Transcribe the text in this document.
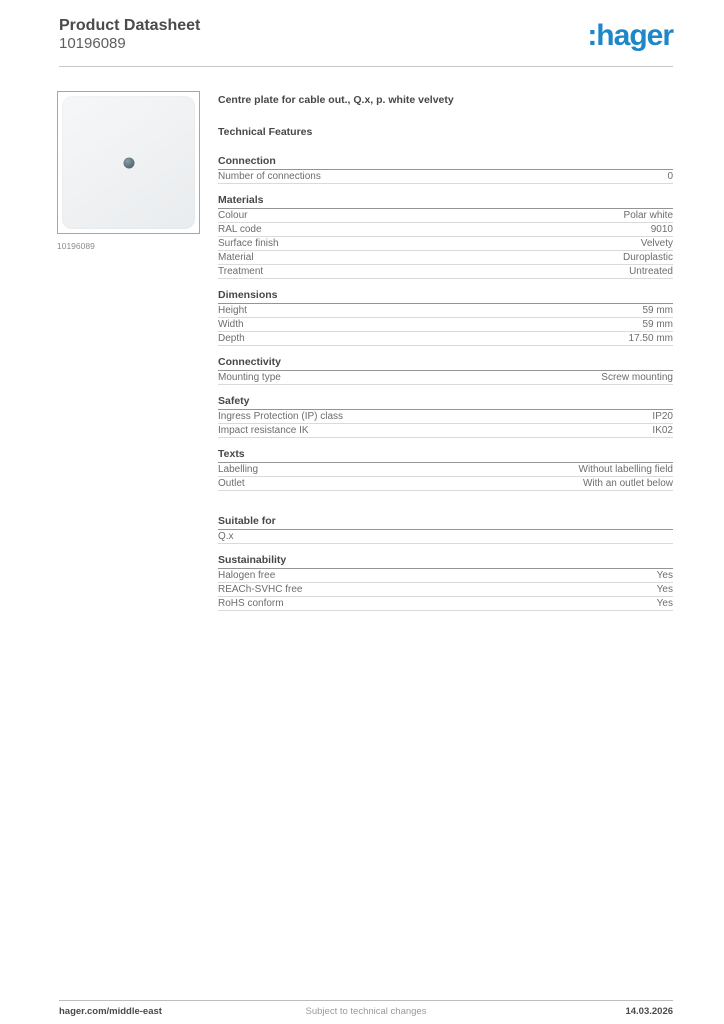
Product Datasheet
10196089	:hager
10196089
Centre plate for cable out., Q.x, p. white velvety
Technical Features
Connection
Number of connections	0
Materials
Colour	Polar white
RAL code	9010
Surface finish	Velvety
Material	Duroplastic
Treatment	Untreated
Dimensions
Height	59 mm
Width	59 mm
Depth	17.50 mm
Connectivity
Mounting type	Screw mounting
Safety
Ingress Protection (IP) class	IP20
Impact resistance IK	IK02
Texts
Labelling	Without labelling field
Outlet	With an outlet below
Suitable for
Q.x
Sustainability
Halogen free	Yes
REACh-SVHC free	Yes
RoHS conform	Yes
hager.com/middle-east	Subject to technical changes	14.03.2026
